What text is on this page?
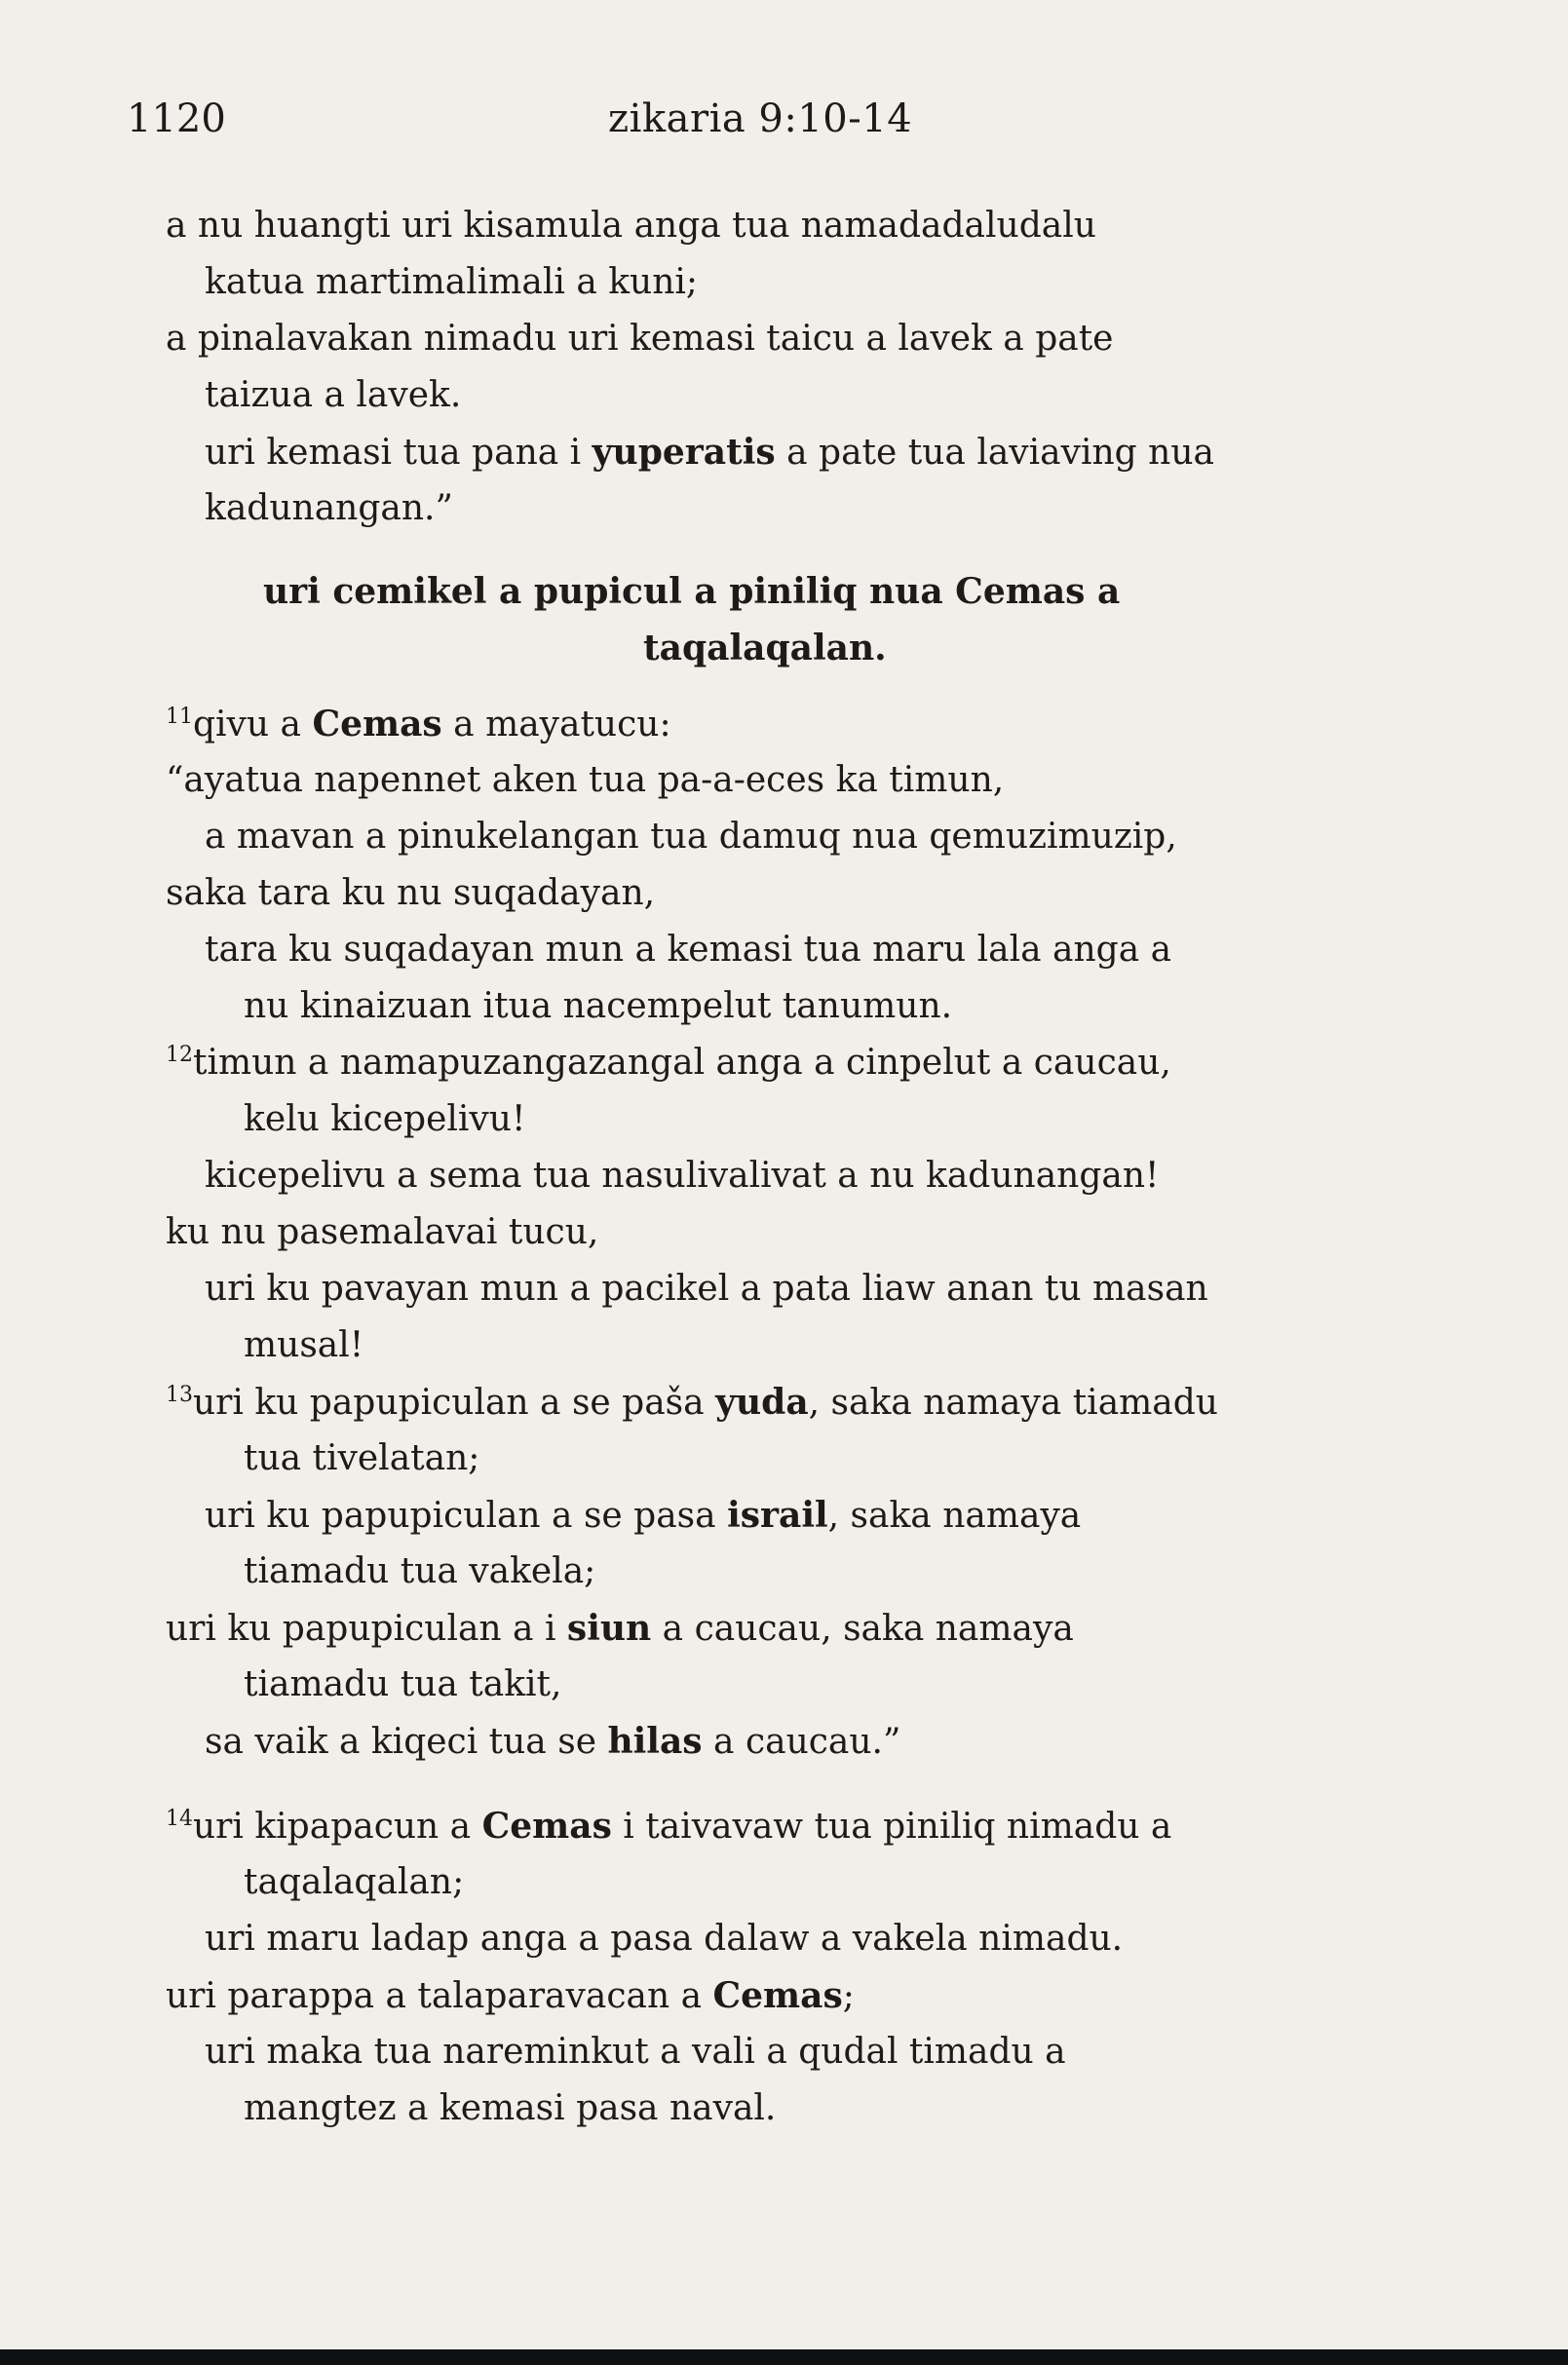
1120	zikaria 9:10-14
a nu huangti uri kisamula anga tua namadadaludalu
katua martimalimali a kuni;
a pinalavakan nimadu uri kemasi taicu a lavek a pate
taizua a lavek.
uri kemasi tua pana i yuperatis a pate tua laviaving nua
kadunangan.”
uri cemikel a pupicul a piniliq nua Cemas a
taqalaqalan.
$^{11}$qivu a Cemas a mayatucu:
“ayatua napennet aken tua pa-a-eces ka timun,
a mavan a pinukelangan tua damuq nua qemuzimuzip,
saka tara ku nu suqadayan,
tara ku suqadayan mun a kemasi tua maru lala anga a
nu kinaizuan itua nacempelut tanumun.
$^{12}$timun a namapuzangazangal anga a cinpelut a caucau,
kelu kicepelivu!
kicepelivu a sema tua nasulivalivat a nu kadunangan!
ku nu pasemalavai tucu,
uri ku pavayan mun a pacikel a pata liaw anan tu masan
musal!
$^{13}$uri ku papupiculan a se paša yuda, saka namaya tiamadu
tua tivelatan;
uri ku papupiculan a se pasa israil, saka namaya
tiamadu tua vakela;
uri ku papupiculan a i siun a caucau, saka namaya
tiamadu tua takit,
sa vaik a kiqeci tua se hilas a caucau.”
$^{14}$uri kipapacun a Cemas i taivavaw tua piniliq nimadu a
taqalaqalan;
uri maru ladap anga a pasa dalaw a vakela nimadu.
uri parappa a talaparavacan a Cemas;
uri maka tua nareminkut a vali a qudal timadu a
mangtez a kemasi pasa naval.
